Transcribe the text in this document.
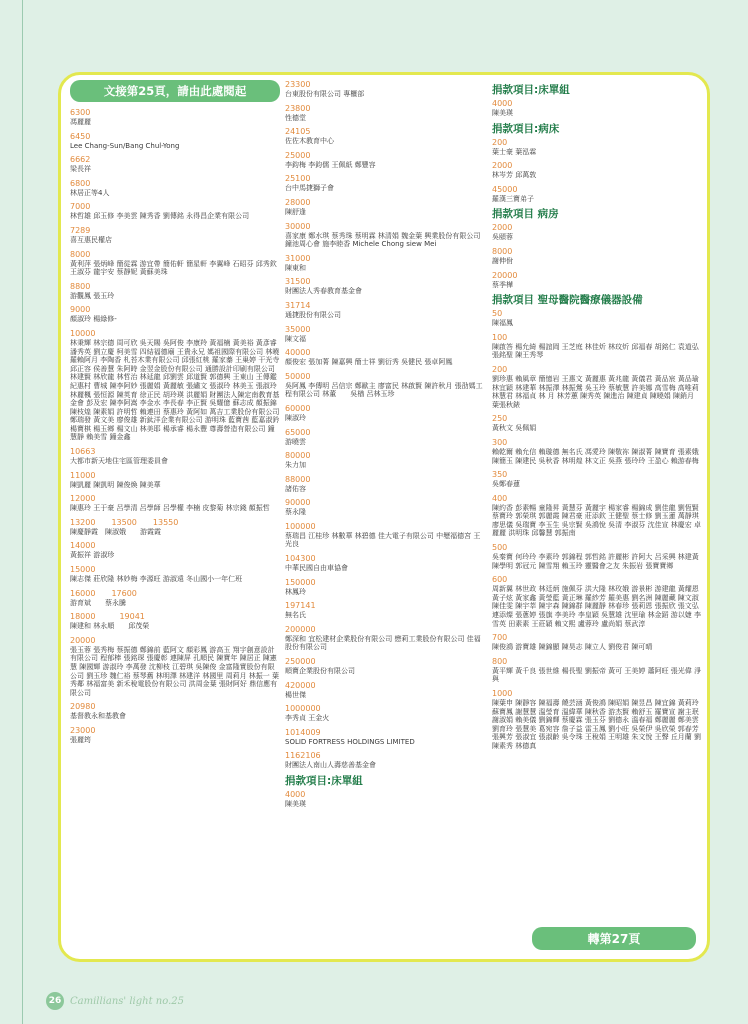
文接第25頁，請由此處閱起
6300
馮麗麗
6450
Lee Chang-Sun/Bang Chul-Yong
6662
梁長祥
6800
林居正等4人
7000
林哲雄 邱玉修 李美雲 陳秀香 劉傳銘 永得昌企業有限公司
7289
喜互惠民權店
8000
黃利萍 張炳峰 簡從霖 游宜帶 簡佑軒 簡星軒 李翼峰 石昭芬 邱秀欽 王淑芬 龍宇安 蔡靜妮 黃蘇美珠
8800
游觀鳳 張玉玲
9000
顏淑玲 楊綠修-
10000
林秉輝 林宗德 周可欣 吳天賜 吳阿俊 李康羚 黃福楠 黃美裕 黃彥睿 潘秀英 劉立慶 柯美雪 四結福德廟 王貴永兄 媽祖國際有限公司 林曉 羅賴阿月 李陶香 札苔木業有限公司 邱張紅桃 羅家蓁 王巢婷 干光寺 邱正容 侯善慧 朱阿時 金翌金股份有限公司 通勝設計印刷有限公司 林建賢 林欣龍 林哲治 林延龍 邱劉雲 邱道賢 郭德興 王東山 王傳鑑 紀惠村 曹城 陳李阿妙 張麗娟 黃麗敏 張繡文 張淑玲 林美玉 張淑玲 林麗楓 張恒源 陳英育 徐正民 胡玲瑛 洪麗娟 財團法人陳定南教育基金會 彭及宏 陳李阿嵩 李金水 李長春 李正賢 吳耀億 蘇志成 顏振錦 陳枝煌 陳素娟 許明哲 賴連田 蔡惠玲 黃阿如 萬吉工業股份有限公司 鄭瑞發 黃文美 廖俊雄 新鈦洋企業有限公司 游明珠 藍寶茜 藍嘉淑鈐 楊寶棋 楊玉鄉 楊文山 林美耶 楊承睿 楊永豐 尊壽營造有限公司 鐘慧靜 賴美雪 鐘金鑫
10663
大都市新天地住宅區管理委員會
11000
陳凱麗 陳凱明 陳俊煥 陳美華
12000
陳惠玲 王于豪 呂學清 呂學師 呂學權 李楠 皮黎菊 林宗錢 顏振哲
13200　　13500　　13550
陳慶靜霞　陳淑娥　　游霞霞
14000
黃振祥 游淑珍
15000
陳志傑 莊欣隆 林妙梅 李源旺 游淑遠 冬山國小一年仁班
16000　　17600
游育斌　　蔡永騰
18000　　　19041
陳建和 林永順　　邱茂榮
20000
張玉蓉 張秀梅 蔡振德 鄭錦前 藍阿文 顏彩鳳 游高玉 翔宇創意設計有限公司 程郁棒 張銘琛 張慶彰 連陳屏 孔順民 陳寶年 陳居正 陳憲慧 陳國輝 游淑玲 李萬發 沈柳枝 江碧琪 吳陳俊 金富隆實股份有限公司 劉玉珍 魏仁裕 蔡琴舊 林明澤 林建洋 林國里 周莉月 林振一 葉秀鄰 林福富美 新禾稅電股份有限公司 洪周金葉 張財阿好 鼎信應有限公司
20980
基督教永和基教會
23000
張麗筠
23300
台東股份有限公司 專櫃部
23800
性德堂
24105
佐佐木教育中心
25000
李鈞梅 李鈞儒 王佩紙 鄭豐容
25100
台中馬捷獅子會
28000
陳舒逢
30000
喜家康 鄭水琪 蔡秀珠 蔡明霖 林清娟 魏金葉 興業股份有限公司 鐘池周心會 施李睦香 Michele Chong siew Mei
31000
陳東和
31500
財團法人秀春教育基金會
31714
通捷股份有限公司
35000
陳文福
40000
顏俊宏 張加菁 陳嘉興 簡士祥 劉衍秀 吳健民 張卓阿鳳
50000
吳阿鳳 李傳明 呂信宗 鄭歐主 廖富民 林啟賢 陳許秋月 張劭媽工程有限公司 林董　　吳楢 呂林玉珍
60000
陳淑玲
65000
游曉雲
80000
朱力加
88000
諸佑容
90000
蔡永隆
100000
蔡瑞昌 江桂珍 林數華 林碧德 佳大電子有限公司 中壢福德宮 王光良
104300
中華民國自由車協會
150000
林鳳玲
197141
無名氏
200000
鄭深和 宜松建材企業股份有限公司 懋莉工業股份有限公司 佳福股份有限公司
250000
順寶企業股份有限公司
420000
楊世傑
1000000
李秀貞 王金火
1014009
SOLID FORTRESS HOLDINGS LIMITED
1162106
財團法人南山人壽慈善基金會
捐款項目:床單組
4000
陳美瑛
捐款項目:床單組
4000
陳美瑛
捐款項目:病床
200
葉士豪 葉泓霖
2000
林岑芳 邱萬敦
45000
羅漢三寶弟子
捐款項目 病房
2000
吳頤蓉
8000
謝伸佾
20000
蔡季樺
捐款項目 聖母醫院醫療儀器設備
50
陳福鳳
100
陳啟答 楊允綺 楊誼岡 王芝庭 林佳炘 林玟炘 邱福春 胡銘仁 袁道弘 張銘聖 陳王秀琴
200
劉珍惠 賴風章 簡憶岩 王惠文 黃麗惠 黃兆龍 黃儀君 黃品宸 黃品瑜 林宜穎 林建華 林振澤 林振鶯 吳玉玲 蔡敏慧 許美娜 高雪梅 高唯莉 林慧君 林福貞 林 月 林芳蕙 陳秀英 陳進治 陳建貞 陳曉娟 陳銷月 葉張秋錶
250
黃秋文 吳佩娟
300
賴乾爾 賴允信 賴璇德 無名氏 馮愛玲 陳敬祢 陳淑菁 陳寶育 張素娥 陳簡玉 陳建民 吳秋香 林明煌 林文正 吳燕 張玲玲 王盈心 賴游春梅
350
吳鄭春蓮
400
陳約香 彭素暢 童隆昇 黃慧芬 黃麗宇 楊家睿 楊錦成 劉佳龍 劉恆賢 蔡寶玲 郭榮琪 郭麗霞 陳君豪 莊添欽 王健聖 蔡士修 劉玉蓮 萬靜琪 廖思儀 吳瑞寶 李玉生 吳宗賢 吳鴻悅 吳清 李淑芬 沈佳宣 林慶宏 卓麗麗 洪明珠 邱馨慧 郭振南
500
吳秦寶 何玲玲 李素玲 郭錦程 郭哲銘 許麗彬 許阿大 呂采興 林建黃 陳學明 郭冠元 陳雪翔 賴玉玲 靈醫會之友 朱振岩 張寶寶鄉
600
周新翼 林世政 林廷炳 施佩芬 洪大隆 林玫娥 游景彬 游建龍 黃耀恩 黃子炫 黃家鑫 黃瑩藍 黃正琳 羅紗芳 羅美惠 劉名洲 陳麗藏 陳文淑 陳佳雯 陳宇莘 陳宇森 陳錦群 陳麗靜 林春珍 張莉恩 張振欣 張文弘 連添燦 張蔥婷 張旗 李美玲 李皇穎 吳慧雄 沈里瑜 林金蹈 游以婕 李雪英 田素素 王莊穎 賴文熙 盧蓉玲 盧尚娟 蔡武淳
700
陳俊鴻 游寶雄 陳錦顯 陳昊志 陳立人 劉俊君 陳可晴
800
黃平輝 黃千良 張世維 楊長聖 劉振帝 黃可 王美婷 蕭阿旺 張光偉 淨與
1000
陳葉申 陳靜容 陳福壽 饒芸涵 黃俊鴻 陳昭娟 陳昱昌 陳宜錦 黃莉玲 蘇寶鳳 謝慧慧 溫瑩育 溫緯華 陳秋香 游杰賢 賴舒玉 羅寶宣 謝主珉 謝淑娟 賴美儀 劉錦輝 蔡慶霖 張玉芬 劉德永 溫春福 鄭麗麗 鄭美雲 劉育玲 張慧美 葛宛容 詹子益 雷玉鳳 劉小旺 吳榮伊 吳欣榮 郭春芳 張興芳 張淑宜 張淑齡 吳令珠 王稅娟 王明雄 朱文悅 王聲 丘月蘭 劉陳素秀 林德真
轉第27頁
26 Camillians' light no.25
